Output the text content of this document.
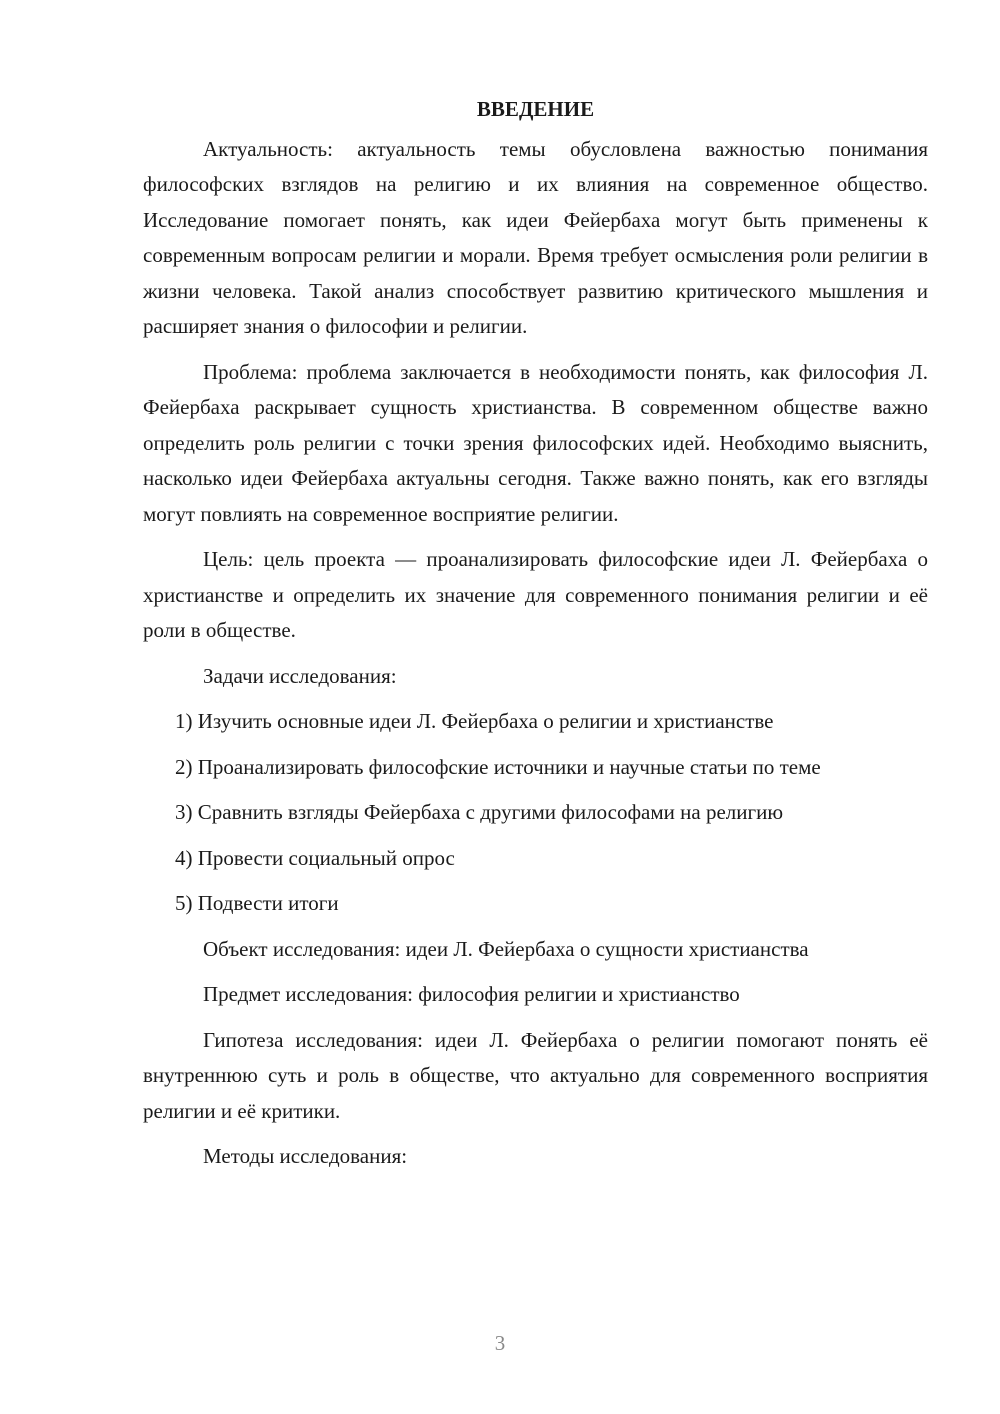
ВВЕДЕНИЕ

Актуальность: актуальность темы обусловлена важностью понимания философских взглядов на религию и их влияния на современное общество. Исследование помогает понять, как идеи Фейербаха могут быть применены к современным вопросам религии и морали. Время требует осмысления роли религии в жизни человека. Такой анализ способствует развитию критического мышления и расширяет знания о философии и религии.

Проблема: проблема заключается в необходимости понять, как философия Л. Фейербаха раскрывает сущность христианства. В современном обществе важно определить роль религии с точки зрения философских идей. Необходимо выяснить, насколько идеи Фейербаха актуальны сегодня. Также важно понять, как его взгляды могут повлиять на современное восприятие религии.

Цель: цель проекта — проанализировать философские идеи Л. Фейербаха о христианстве и определить их значение для современного понимания религии и её роли в обществе.

Задачи исследования:

1) Изучить основные идеи Л. Фейербаха о религии и христианстве

2) Проанализировать философские источники и научные статьи по теме

3) Сравнить взгляды Фейербаха с другими философами на религию

4) Провести социальный опрос

5) Подвести итоги

Объект исследования: идеи Л. Фейербаха о сущности христианства

Предмет исследования: философия религии и христианство

Гипотеза исследования: идеи Л. Фейербаха о религии помогают понять её внутреннюю суть и роль в обществе, что актуально для современного восприятия религии и её критики.

Методы исследования:

3
